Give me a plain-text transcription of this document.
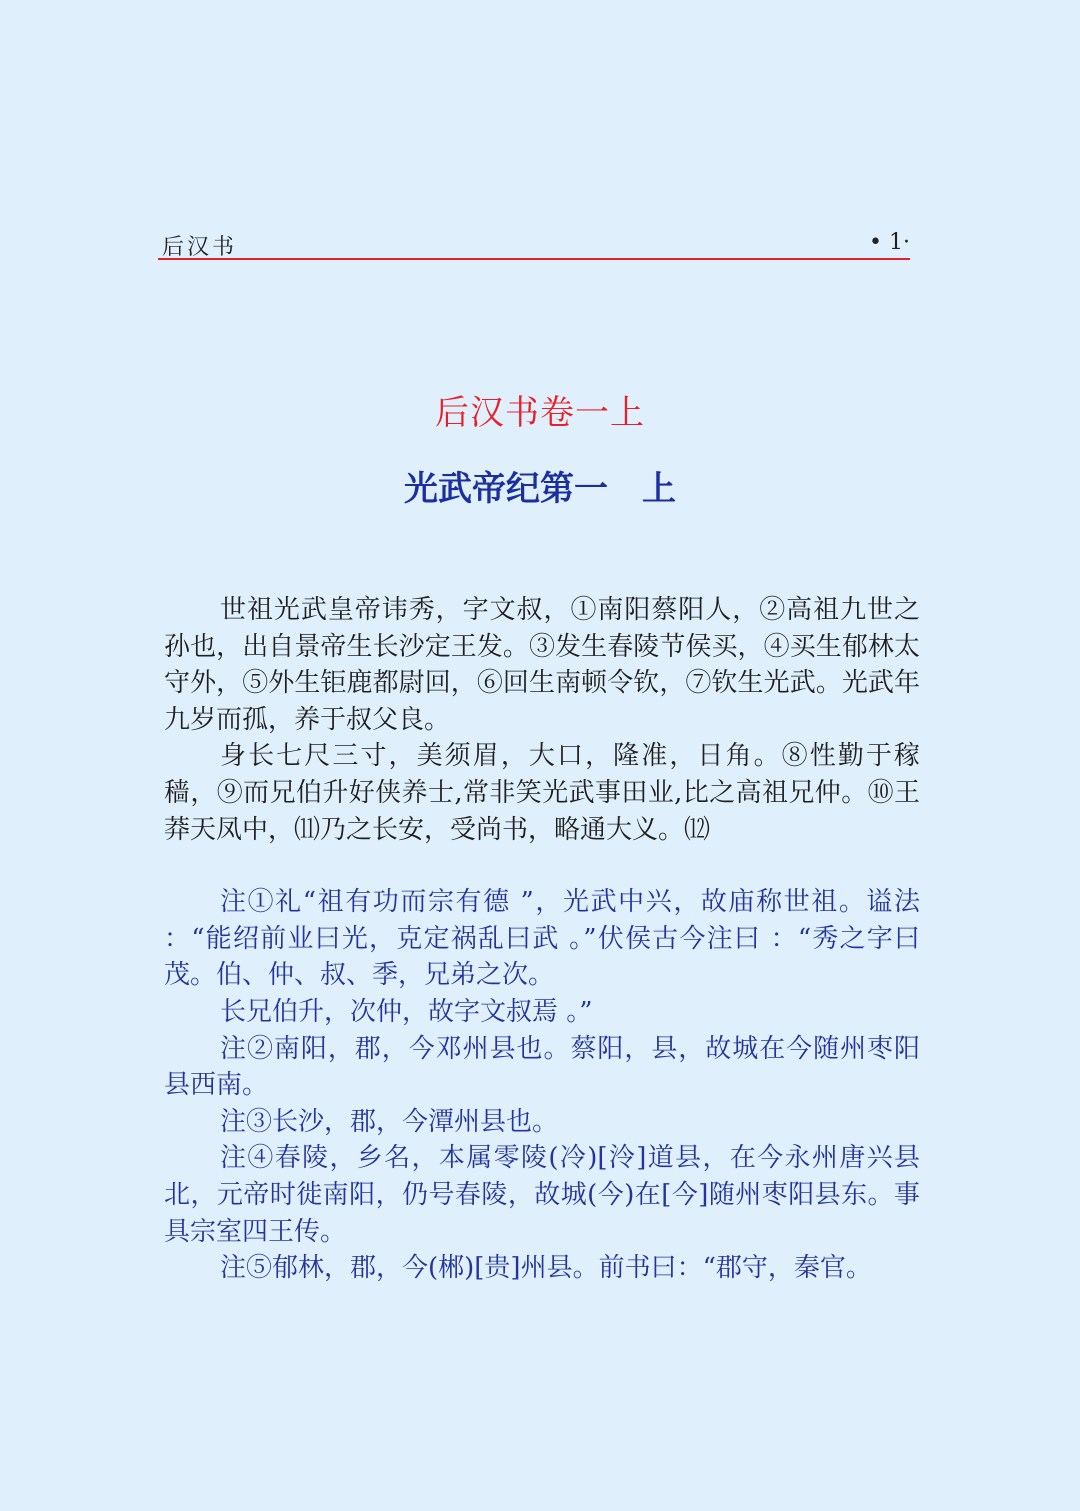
后汉书	• 1·
后汉书卷一上
光武帝纪第一　上

世祖光武皇帝讳秀，字文叔，①南阳蔡阳人，②高祖九世之孙也，出自景帝生长沙定王发。③发生春陵节侯买，④买生郁林太守外，⑤外生钜鹿都尉回，⑥回生南顿令钦，⑦钦生光武。光武年九岁而孤，养于叔父良。

身长七尺三寸，美须眉，大口，隆准，日角。⑧性勤于稼穑，⑨而兄伯升好侠养士,常非笑光武事田业,比之高祖兄仲。⑩王莽天凤中，⑾乃之长安，受尚书，略通大义。⑿

注①礼“祖有功而宗有德 ”，光武中兴，故庙称世祖。谥法 ：“能绍前业曰光，克定祸乱曰武 。”伏侯古今注曰 ：“秀之字曰茂。伯、仲、叔、季，兄弟之次。

长兄伯升，次仲，故字文叔焉 。”

注②南阳，郡，今邓州县也。蔡阳，县，故城在今随州枣阳县西南。

注③长沙，郡，今潭州县也。

注④春陵，乡名，本属零陵(冷)[泠]道县，在今永州唐兴县北，元帝时徙南阳，仍号春陵，故城(今)在[今]随州枣阳县东。事具宗室四王传。

注⑤郁林，郡，今(郴)[贵]州县。前书曰：“郡守，秦官。
